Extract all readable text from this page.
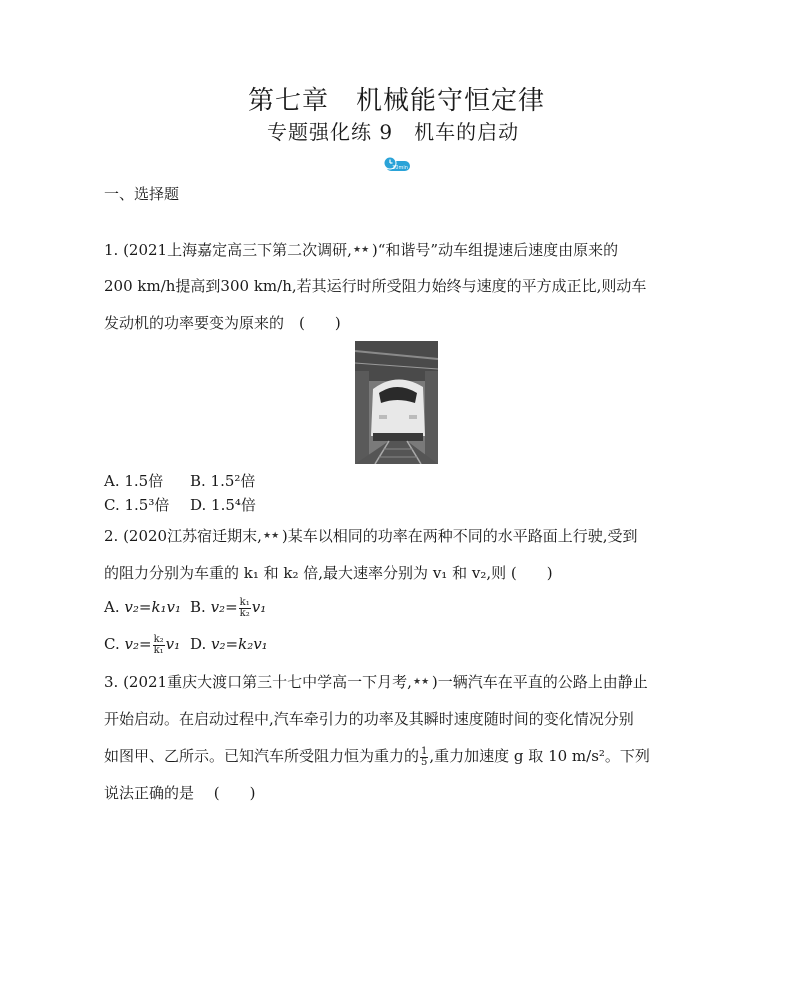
第七章　机械能守恒定律
专题强化练 9　机车的启动
30min
一、选择题
1. (2021上海嘉定高三下第二次调研, ★★ )“和谐号”动车组提速后速度由原来的
200 km/h提高到300 km/h,若其运行时所受阻力始终与速度的平方成正比,则动车
发动机的功率要变为原来的　(　　)
A. 1.5倍 B. 1.5²倍
C. 1.5³倍 D. 1.5⁴倍
2. (2020江苏宿迁期末, ★★ )某车以相同的功率在两种不同的水平路面上行驶,受到
的阻力分别为车重的 k₁ 和 k₂ 倍,最大速率分别为 v₁ 和 v₂,则 (　　)
A. v₂=k₁v₁ B. $v_2= \frac{\text{k₁}}{\text{k₂}} v_1$
C. $v_2= \frac{\text{k₂}}{\text{k₁}} v_1$ D. v₂=k₂v₁
3. (2021重庆大渡口第三十七中学高一下月考, ★★ )一辆汽车在平直的公路上由静止
开始启动。在启动过程中,汽车牵引力的功率及其瞬时速度随时间的变化情况分别
如图甲、乙所示。已知汽车所受阻力恒为重力的 $\frac{1}{5}$ ,重力加速度 g 取 10 m/s²。下列
说法正确的是　 (　　)
